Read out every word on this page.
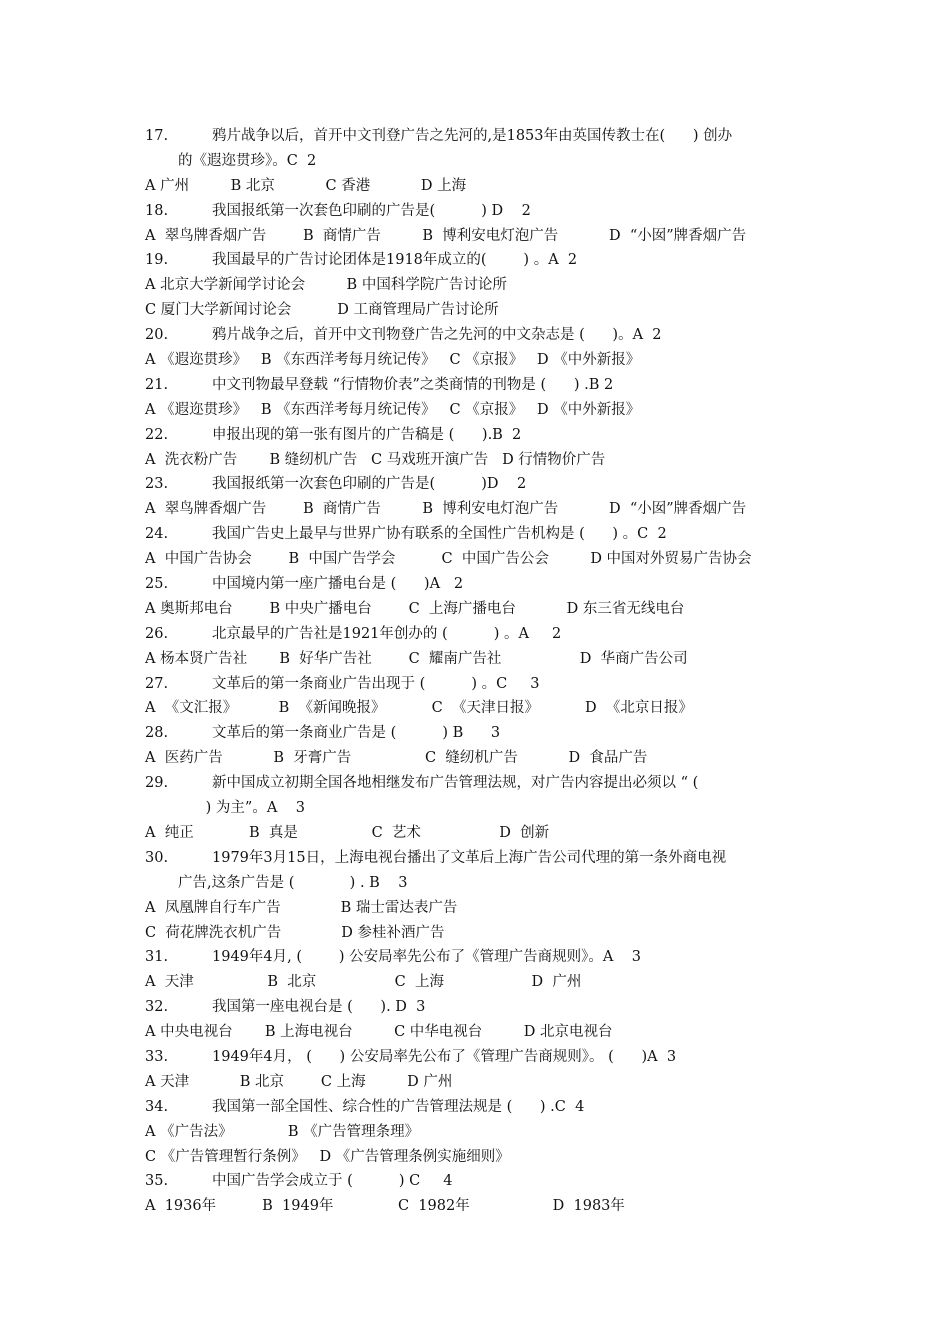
17.	鸦片战争以后，首开中文刊登广告之先河的,是1853年由英国传教士在(      ) 创办
的《遐迩贯珍》。C  2
A 广州         B 北京           C 香港           D 上海
18.	我国报纸第一次套色印刷的广告是(          ) D    2
A  翠鸟牌香烟广告        B  商情广告         B  博利安电灯泡广告           D  “小囡”牌香烟广告
19.	我国最早的广告讨论团体是1918年成立的(        ) 。A  2
A 北京大学新闻学讨论会         B 中国科学院广告讨论所
C 厦门大学新闻讨论会          D 工商管理局广告讨论所
20.	鸦片战争之后，首开中文刊物登广告之先河的中文杂志是 (      )。A  2
A 《遐迩贯珍》   B 《东西洋考每月统记传》   C 《京报》   D 《中外新报》
21.	中文刊物最早登载 “行情物价表”之类商情的刊物是 (      ) .B 2
A 《遐迩贯珍》   B 《东西洋考每月统记传》   C 《京报》   D 《中外新报》
22.	申报出现的第一张有图片的广告稿是 (      ).B  2
A  洗衣粉广告       B 缝纫机广告   C 马戏班开演广告   D 行情物价广告
23.	我国报纸第一次套色印刷的广告是(          )D    2
A  翠鸟牌香烟广告        B  商情广告         B  博利安电灯泡广告           D  “小囡”牌香烟广告
24.	我国广告史上最早与世界广协有联系的全国性广告机构是 (      ) 。C  2
A  中国广告协会        B  中国广告学会          C  中国广告公会         D 中国对外贸易广告协会
25.	中国境内第一座广播电台是 (      )A   2
A 奥斯邦电台        B 中央广播电台        C  上海广播电台           D 东三省无线电台
26.	北京最早的广告社是1921年创办的 (          ) 。A     2
A 杨本贤广告社       B  好华广告社        C  耀南广告社                 D  华商广告公司
27.	文革后的第一条商业广告出现于 (          ) 。C     3
A  《文汇报》         B  《新闻晚报》          C  《天津日报》          D  《北京日报》
28.	文革后的第一条商业广告是 (          ) B      3
A  医药广告           B  牙膏广告                C  缝纫机广告           D  食品广告
29.	新中国成立初期全国各地相继发布广告管理法规，对广告内容提出必须以 “ (
) 为主”。A    3
A  纯正            B  真是                C  艺术                 D  创新
30.	1979年3月15日，上海电视台播出了文革后上海广告公司代理的第一条外商电视
广告,这条广告是 (            ) . B    3
A  凤凰牌自行车广告             B 瑞士雷达表广告
C  荷花牌洗衣机广告             D 参桂补酒广告
31.	1949年4月, (        ) 公安局率先公布了《管理广告商规则》。A    3
A  天津                B  北京                 C  上海                   D  广州
32.	我国第一座电视台是 (      ). D  3
A 中央电视台       B 上海电视台         C 中华电视台         D 北京电视台
33.	1949年4月， (      ) 公安局率先公布了《管理广告商规则》。 (      )A  3
A 天津           B 北京        C 上海         D 广州
34.	我国第一部全国性、综合性的广告管理法规是 (      ) .C  4
A 《广告法》            B 《广告管理条理》
C 《广告管理暂行条例》   D 《广告管理条例实施细则》
35.	中国广告学会成立于 (          ) C     4
A  1936年          B  1949年              C  1982年                  D  1983年
